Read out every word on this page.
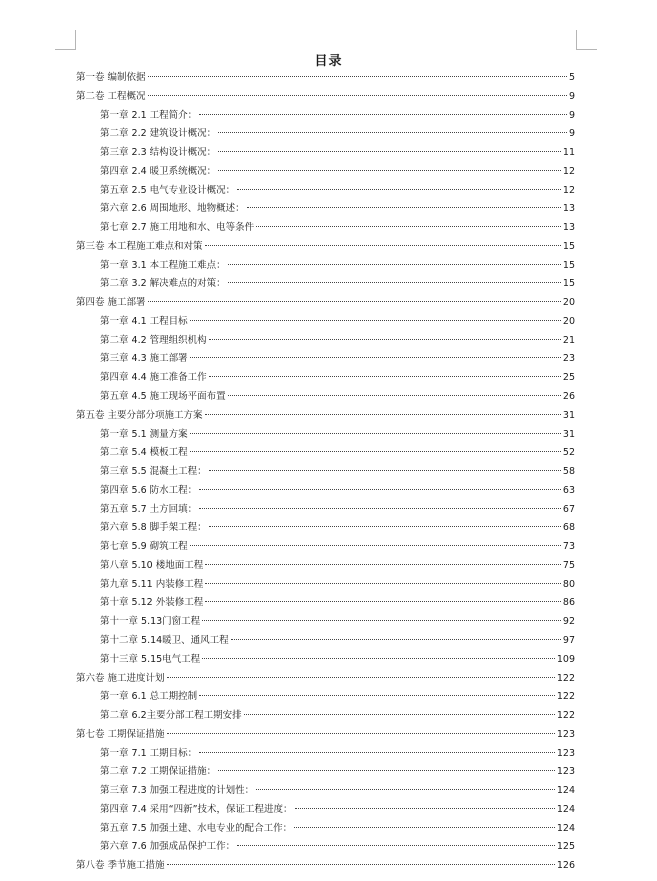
目录
第一卷 编制依据	5
第二卷 工程概况	9
第一章 2.1 工程简介：	9
第二章 2.2 建筑设计概况：	9
第三章 2.3 结构设计概况：	11
第四章 2.4 暖卫系统概况：	12
第五章 2.5 电气专业设计概况：	12
第六章 2.6 周围地形、地物概述：	13
第七章 2.7 施工用地和水、电等条件	13
第三卷 本工程施工难点和对策	15
第一章 3.1 本工程施工难点：	15
第二章 3.2 解决难点的对策：	15
第四卷 施工部署	20
第一章 4.1 工程目标	20
第二章 4.2 管理组织机构	21
第三章 4.3 施工部署	23
第四章 4.4 施工准备工作	25
第五章 4.5 施工现场平面布置	26
第五卷 主要分部分项施工方案	31
第一章 5.1 测量方案	31
第二章 5.4 模板工程	52
第三章 5.5 混凝土工程：	58
第四章 5.6 防水工程：	63
第五章 5.7 土方回填：	67
第六章 5.8 脚手架工程：	68
第七章 5.9 砌筑工程	73
第八章 5.10 楼地面工程	75
第九章 5.11 内装修工程	80
第十章 5.12 外装修工程	86
第十一章 5.13门窗工程	92
第十二章 5.14暖卫、通风工程	97
第十三章 5.15电气工程	109
第六卷 施工进度计划	122
第一章 6.1 总工期控制	122
第二章 6.2主要分部工程工期安排	122
第七卷 工期保证措施	123
第一章 7.1 工期目标：	123
第二章 7.2 工期保证措施：	123
第三章 7.3 加强工程进度的计划性：	124
第四章 7.4 采用“四新”技术，保证工程进度：	124
第五章 7.5 加强土建、水电专业的配合工作：	124
第六章 7.6 加强成品保护工作：	125
第八卷 季节施工措施	126
